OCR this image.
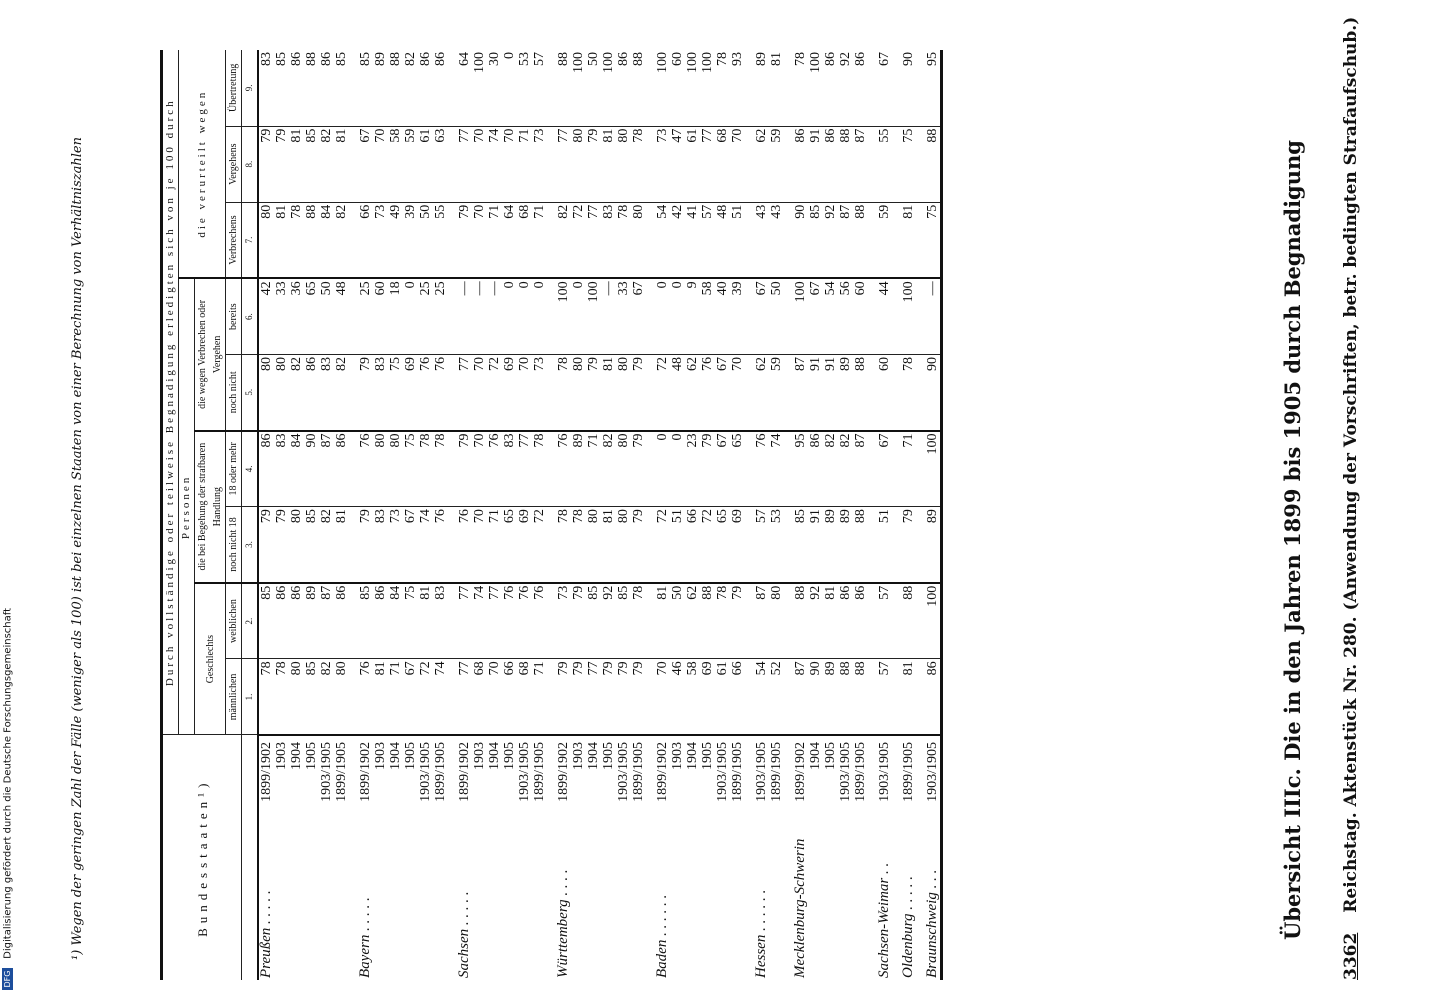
3362 Reichstag. Aktenstück Nr. 280. (Anwendung der Vorschriften, betr. bedingten Strafaufschub.)
Übersicht IIIc. Die in den Jahren 1899 bis 1905 durch Begnadigung
Bundesstaaten¹)		Durch vollständige oder teilweise Begnadigung erledigten sich von je 100 durch								
		Personen						die verurteilt wegen		
		Geschlechts		die bei Begehung der strafbaren Handlung		die wegen Verbrechen oder Vergehen				
		männlichen	weiblichen	noch nicht 18	18 oder mehr	noch nicht	bereits	Verbrechens	Vergehens	Übertretung
		1.	2.	3.	4.	5.	6.	7.	8.	9.
Preußen . . . . .	1899/1902	78	85	79	86	80	42	80	79	83
	1903	78	86	79	83	80	33	81	79	85
	1904	80	86	80	84	82	36	78	81	86
	1905	85	89	85	90	86	65	88	85	88
	1903/1905	82	87	82	87	83	50	84	82	86
	1899/1905	80	86	81	86	82	48	82	81	85
Bayern . . . . .	1899/1902	76	85	79	76	79	25	66	67	85
	1903	81	86	83	80	83	60	73	70	89
	1904	71	84	73	80	75	18	49	58	88
	1905	67	75	67	75	69	0	39	59	82
	1903/1905	72	81	74	78	76	25	50	61	86
	1899/1905	74	83	76	78	76	25	55	63	86
Sachsen . . . . .	1899/1902	77	77	76	79	77	—	79	77	64
	1903	68	74	70	70	70	—	70	70	100
	1904	70	77	71	76	72	—	71	74	30
	1905	66	76	65	83	69	0	64	70	0
	1903/1905	68	76	69	77	70	0	68	71	53
	1899/1905	71	76	72	78	73	0	71	73	57
Württemberg . . . .	1899/1902	79	73	78	76	78	100	82	77	88
	1903	79	79	78	89	80	0	72	80	100
	1904	77	85	80	71	79	100	77	79	50
	1905	79	92	81	82	81	—	83	81	100
	1903/1905	79	85	80	80	80	33	78	80	86
	1899/1905	79	78	79	79	79	67	80	78	88
Baden . . . . . .	1899/1902	70	81	72	0	72	0	54	73	100
	1903	46	50	51	0	48	0	42	47	60
	1904	58	62	66	23	62	9	41	61	100
	1905	69	88	72	79	76	58	57	77	100
	1903/1905	61	78	65	67	67	40	48	68	78
	1899/1905	66	79	69	65	70	39	51	70	93
Hessen . . . . . .	1903/1905	54	87	57	76	62	67	43	62	89
	1899/1905	52	80	53	74	59	50	43	59	81
Mecklenburg-Schwerin	1899/1902	87	88	85	95	87	100	90	86	78
	1904	90	92	91	86	91	67	85	91	100
	1905	89	81	89	82	91	54	92	86	86
	1903/1905	88	86	89	82	89	56	87	88	92
	1899/1905	88	86	88	87	88	60	88	87	86
Sachsen-Weimar . .	1903/1905	57	57	51	67	60	44	59	55	67
Oldenburg . . . . .	1899/1905	81	88	79	71	78	100	81	75	90
Braunschweig . . .	1903/1905	86	100	89	100	90	—	75	88	95
¹) Wegen der geringen Zahl der Fälle (weniger als 100) ist bei einzelnen Staaten von einer Berechnung von Verhältniszahlen
DFG Digitalisierung gefördert durch die Deutsche Forschungsgemeinschaft
